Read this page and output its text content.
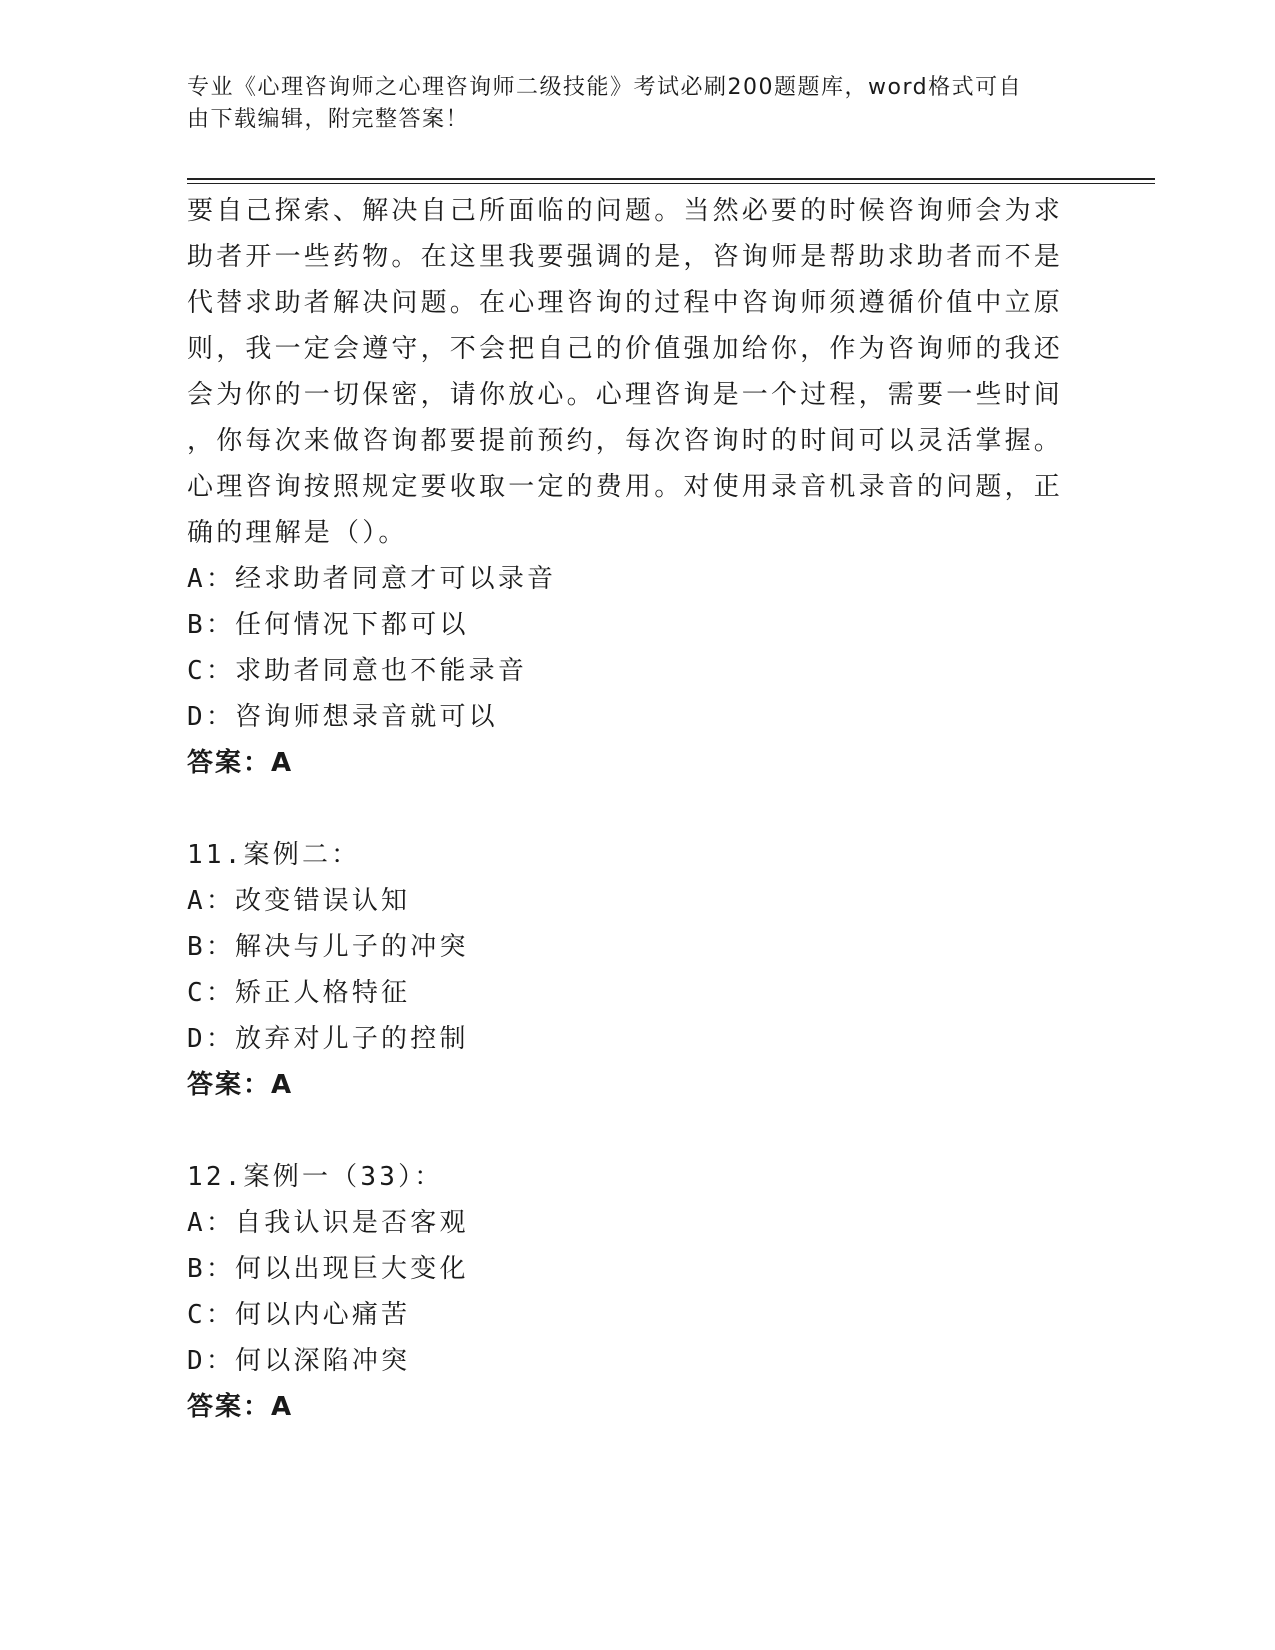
专业《心理咨询师之心理咨询师二级技能》考试必刷200题题库，word格式可自
由下载编辑，附完整答案！
要自己探索、解决自己所面临的问题。当然必要的时候咨询师会为求
助者开一些药物。在这里我要强调的是，咨询师是帮助求助者而不是
代替求助者解决问题。在心理咨询的过程中咨询师须遵循价值中立原
则，我一定会遵守，不会把自己的价值强加给你，作为咨询师的我还
会为你的一切保密，请你放心。心理咨询是一个过程，需要一些时间
，你每次来做咨询都要提前预约，每次咨询时的时间可以灵活掌握。
心理咨询按照规定要收取一定的费用。对使用录音机录音的问题，正
确的理解是（）。
A：经求助者同意才可以录音
B：任何情况下都可以
C：求助者同意也不能录音
D：咨询师想录音就可以
答案：A
11.案例二：
A：改变错误认知
B：解决与儿子的冲突
C：矫正人格特征
D：放弃对儿子的控制
答案：A
12.案例一（33）：
A：自我认识是否客观
B：何以出现巨大变化
C：何以内心痛苦
D：何以深陷冲突
答案：A
